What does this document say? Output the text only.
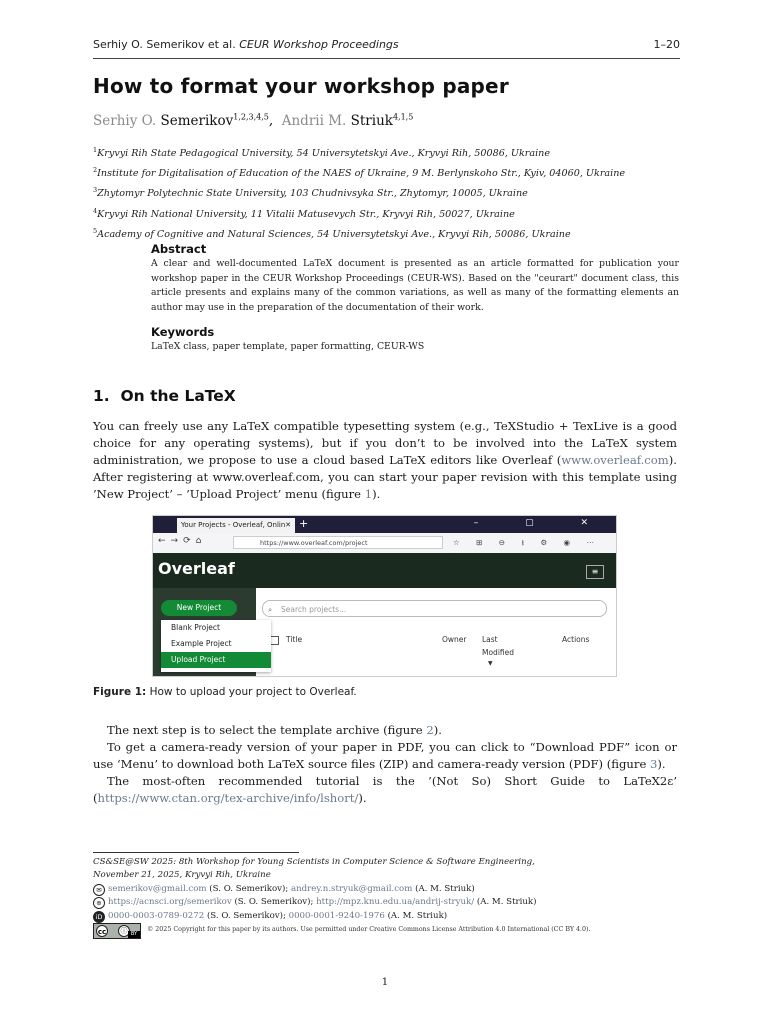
Serhiy O. Semerikov et al. CEUR Workshop Proceedings	1–20
How to format your workshop paper
Serhiy O. Semerikov$^{1,2,3,4,5}$,  Andrii M. Striuk$^{4,1,5}$
$^1$Kryvyi Rih State Pedagogical University, 54 Universytetskyi Ave., Kryvyi Rih, 50086, Ukraine
$^2$Institute for Digitalisation of Education of the NAES of Ukraine, 9 M. Berlynskoho Str., Kyiv, 04060, Ukraine
$^3$Zhytomyr Polytechnic State University, 103 Chudnivsyka Str., Zhytomyr, 10005, Ukraine
$^4$Kryvyi Rih National University, 11 Vitalii Matusevych Str., Kryvyi Rih, 50027, Ukraine
$^5$Academy of Cognitive and Natural Sciences, 54 Universytetskyi Ave., Kryvyi Rih, 50086, Ukraine
Abstract
A clear and well-documented LaTeX document is presented as an article formatted for publication your workshop paper in the CEUR Workshop Proceedings (CEUR-WS). Based on the "ceurart" document class, this article presents and explains many of the common variations, as well as many of the formatting elements an author may use in the preparation of the documentation of their work.
Keywords
LaTeX class, paper template, paper formatting, CEUR-WS
1. On the LaTeX
You can freely use any LaTeX compatible typesetting system (e.g., TeXStudio + TexLive is a good choice for any operating systems), but if you don’t to be involved into the LaTeX system administration, we propose to use a cloud based LaTeX editors like Overleaf (www.overleaf.com). After registering at www.overleaf.com, you can start your paper revision with this template using ’New Project’ – ’Upload Project’ menu (figure 1).
Your Projects - Overleaf, Onlin ✕ +	– ▢ ✕
←→⟳⌂	https://www.overleaf.com/project	☆ ⊞ ⊖ ⭳ ⚙ ◉ ⋯
Overleaf	≡
New Project	⌕ Search projects...
Title	Owner Last
Modified
▼
Actions
Blank Project
Example Project
Upload Project
Figure 1: How to upload your project to Overleaf.

The next step is to select the template archive (figure 2).

To get a camera-ready version of your paper in PDF, you can click to “Download PDF” icon or use ‘Menu’ to download both LaTeX source files (ZIP) and camera-ready version (PDF) (figure 3).

The most-often recommended tutorial is the ’(Not So) Short Guide to LaTeX2ε’ (https://www.ctan.org/tex-archive/info/lshort/).

CS&SE@SW 2025: 8th Workshop for Young Scientists in Computer Science & Software Engineering,
November 21, 2025, Kryvyi Rih, Ukraine
✉ semerikov@gmail.com (S. O. Semerikov); andrey.n.stryuk@gmail.com (A. M. Striuk)
⊕ https://acnsci.org/semerikov (S. O. Semerikov); http://mpz.knu.edu.ua/andrij-stryuk/ (A. M. Striuk)
iD 0000-0003-0789-0272 (S. O. Semerikov); 0000-0001-9240-1976 (A. M. Striuk)
cc	ⓘ BY
© 2025 Copyright for this paper by its authors. Use permitted under Creative Commons License Attribution 4.0 International (CC BY 4.0).
1
